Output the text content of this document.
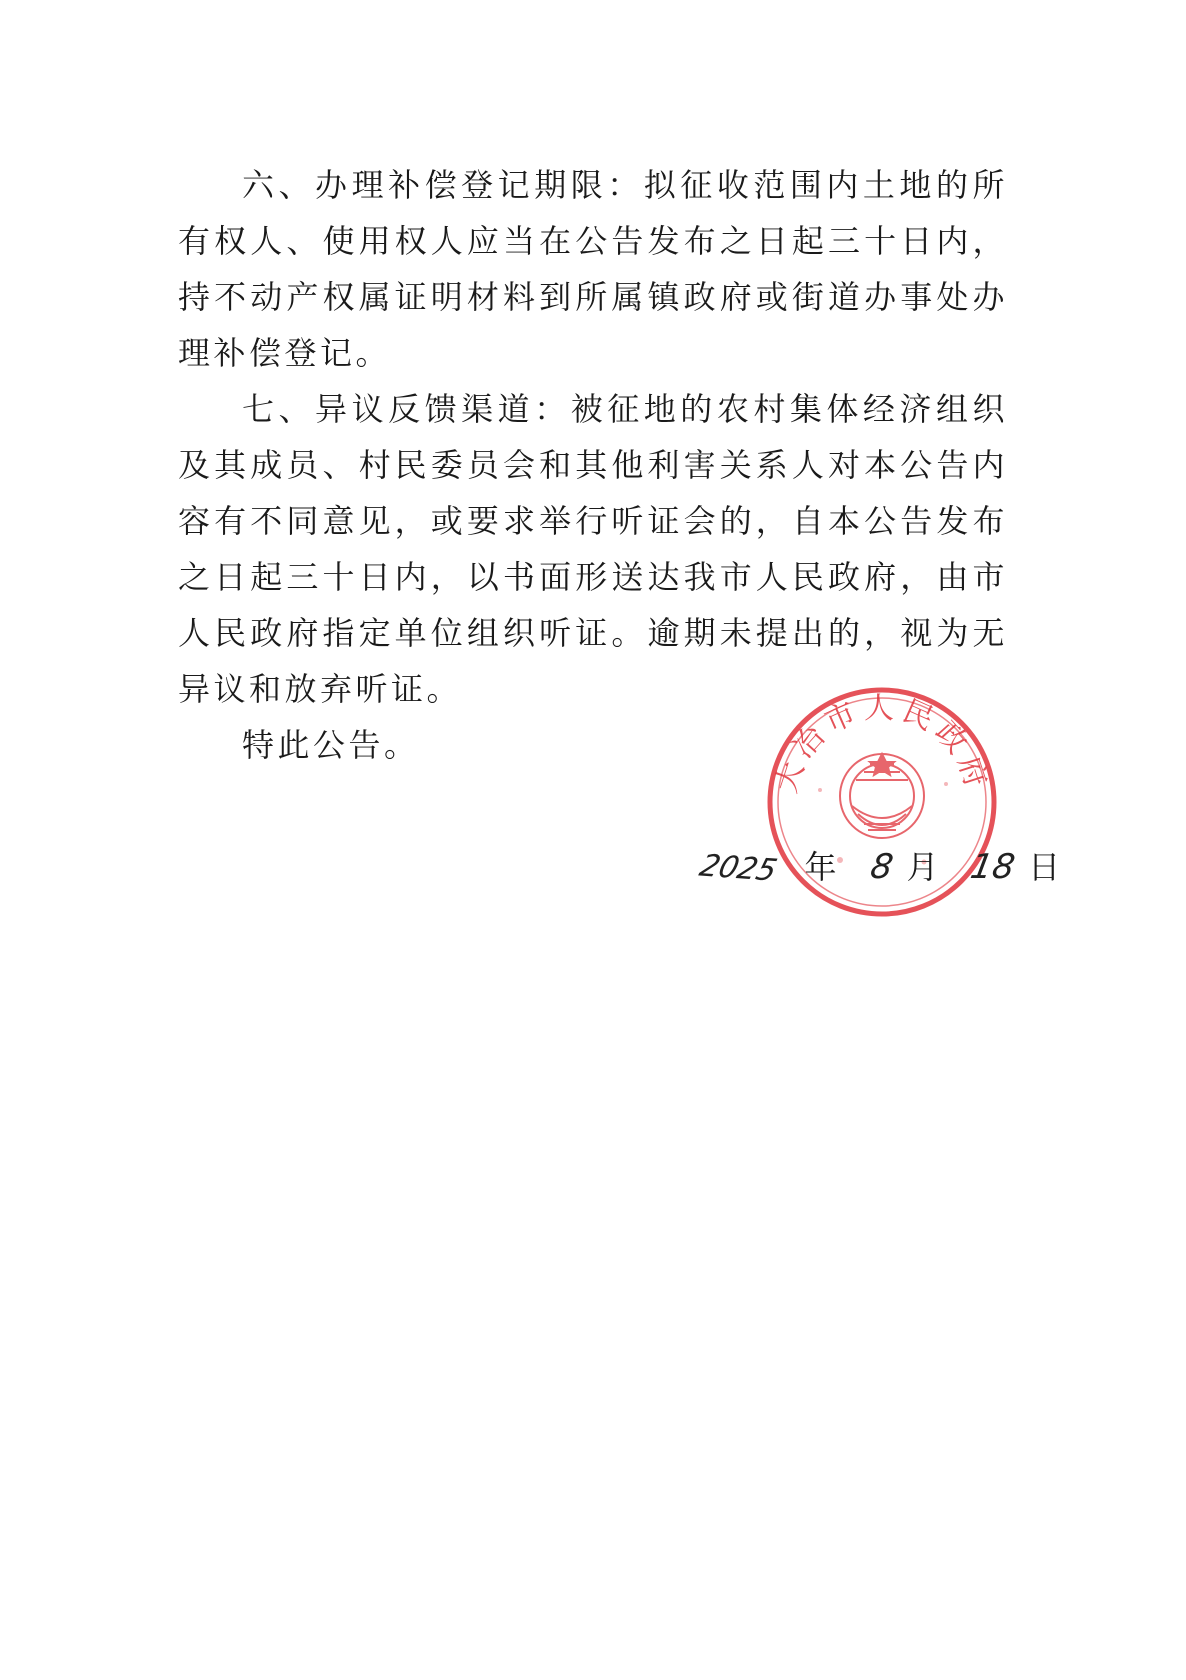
六、办理补偿登记期限：拟征收范围内土地的所有权人、使用权人应当在公告发布之日起三十日内，持不动产权属证明材料到所属镇政府或街道办事处办理补偿登记。

七、异议反馈渠道：被征地的农村集体经济组织及其成员、村民委员会和其他利害关系人对本公告内容有不同意见，或要求举行听证会的，自本公告发布之日起三十日内，以书面形送达我市人民政府，由市人民政府指定单位组织听证。逾期未提出的，视为无异议和放弃听证。

特此公告。

大冶市人民政府
2025 年 8 月 18 日
